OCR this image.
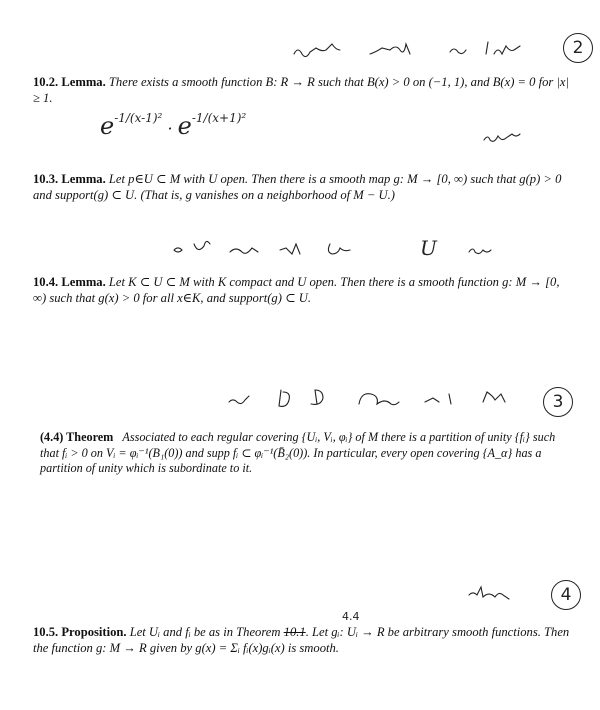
2
10.2. Lemma. There exists a smooth function B: R → R such that B(x) > 0 on (−1, 1), and B(x) = 0 for |x| ≥ 1.
$e^{-1/(x-1)^2} \cdot e^{-1/(x+1)^2}$
10.3. Lemma. Let p∈U ⊂ M with U open. Then there is a smooth map g: M → [0, ∞) such that g(p) > 0 and support(g) ⊂ U. (That is, g vanishes on a neighborhood of M − U.)
U
10.4. Lemma. Let K ⊂ U ⊂ M with K compact and U open. Then there is a smooth function g: M → [0, ∞) such that g(x) > 0 for all x∈K, and support(g) ⊂ U.
3
(4.4) Theorem Associated to each regular covering {Uᵢ, Vᵢ, φᵢ} of M there is a partition of unity {fᵢ} such that fᵢ > 0 on Vᵢ = φᵢ⁻¹(B₁(0)) and supp fᵢ ⊂ φᵢ⁻¹(B̄₂(0)). In particular, every open covering {A_α} has a partition of unity which is subordinate to it.
4
4.4
10.5. Proposition. Let Uᵢ and fᵢ be as in Theorem 10.1. Let gᵢ: Uᵢ → R be arbitrary smooth functions. Then the function g: M → R given by g(x) = Σᵢ fᵢ(x)gᵢ(x) is smooth.
